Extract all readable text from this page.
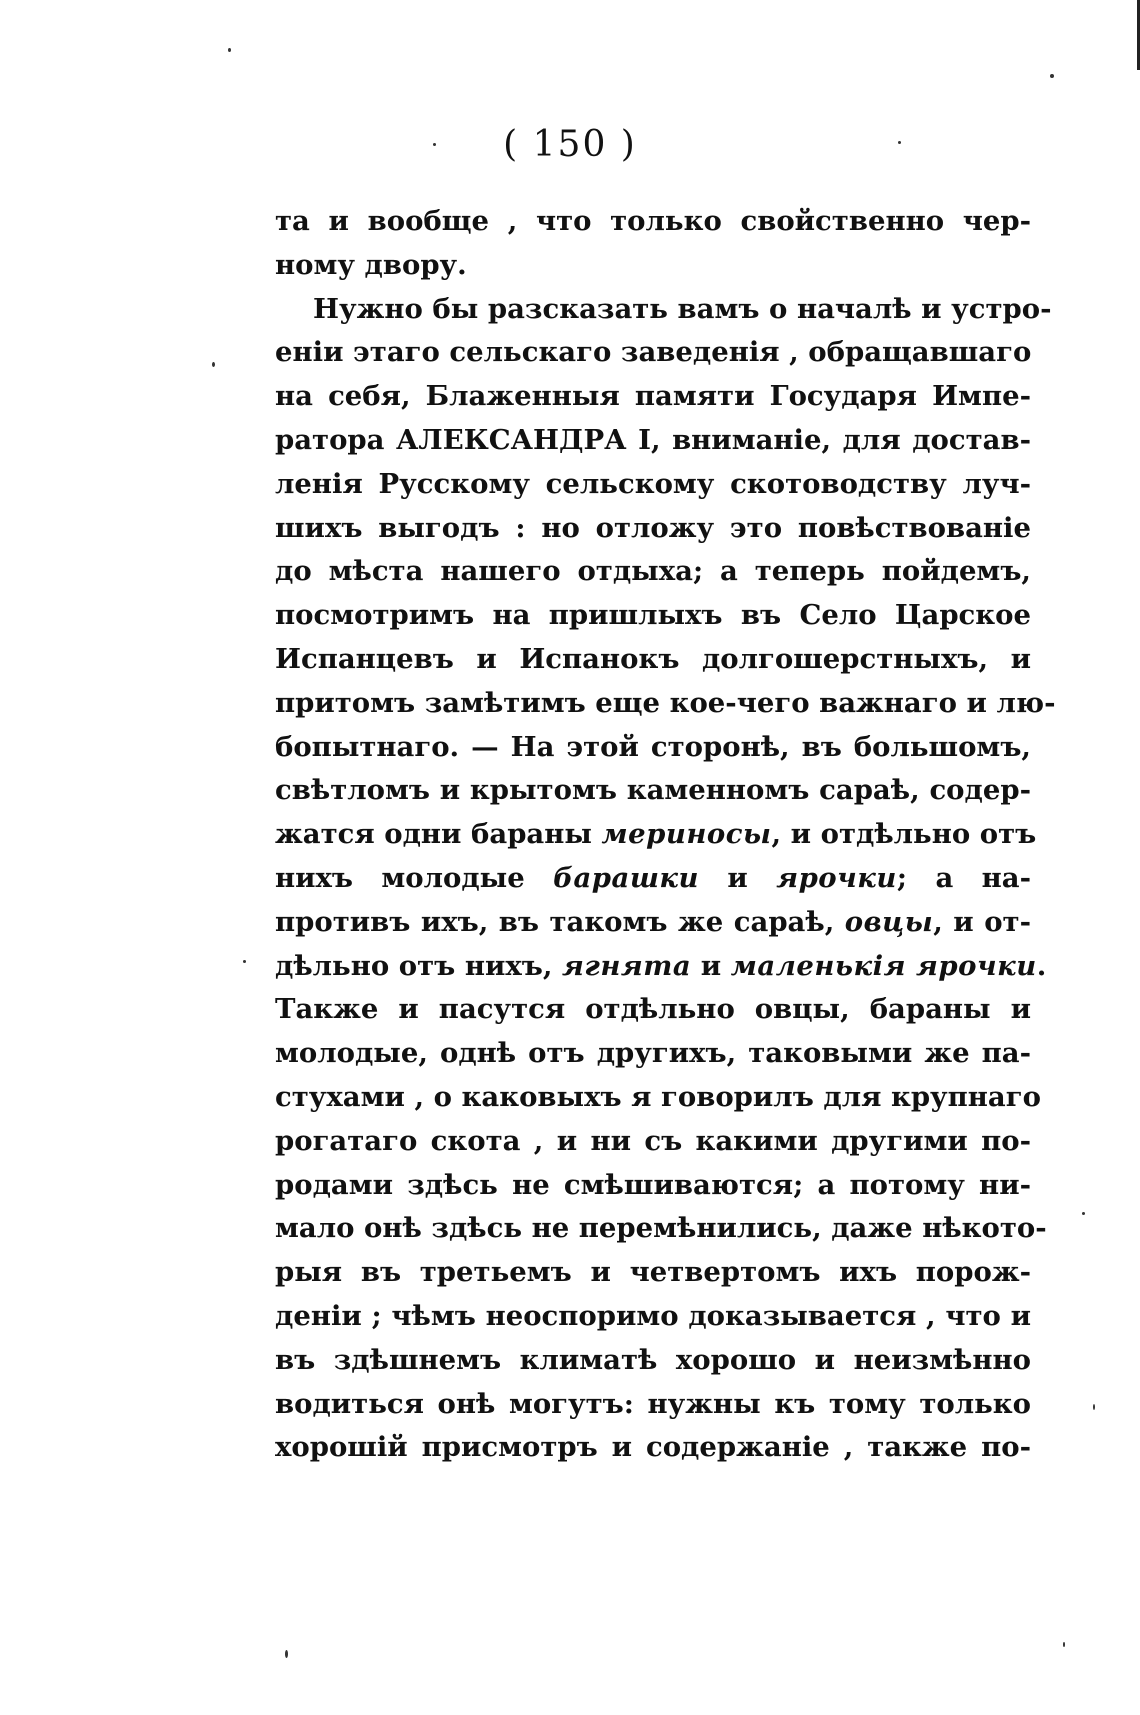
( 150 )
та и вообще , что только свойственно чер-
ному двору.
Нужно бы разсказать вамъ о началѣ и устро-
еніи этаго сельскаго заведенія , обращавшаго
на себя, Блаженныя памяти Государя Импе-
ратора АЛЕКСАНДРА I, вниманіе, для достав-
ленія Русскому сельскому скотоводству луч-
шихъ выгодъ : но отложу это повѣствованіе
до мѣста нашего отдыха; а теперь пойдемъ,
посмотримъ на пришлыхъ въ Село Царское
Испанцевъ и Испанокъ долгошерстныхъ, и
притомъ замѣтимъ еще кое-чего важнаго и лю-
бопытнаго. — На этой сторонѣ, въ большомъ,
свѣтломъ и крытомъ каменномъ сараѣ, содер-
жатся одни бараны мериносы, и отдѣльно отъ
нихъ молодые барашки и ярочки; а на-
противъ ихъ, въ такомъ же сараѣ, овцы, и от-
дѣльно отъ нихъ, ягнята и маленькія ярочки.
Также и пасутся отдѣльно овцы, бараны и
молодые, однѣ отъ другихъ, таковыми же па-
стухами , о каковыхъ я говорилъ для крупнаго
рогатаго скота , и ни съ какими другими по-
родами здѣсь не смѣшиваются; а потому ни-
мало онѣ здѣсь не перемѣнились, даже нѣкото-
рыя въ третьемъ и четвертомъ ихъ порож-
деніи ; чѣмъ неоспоримо доказывается , что и
въ здѣшнемъ климатѣ хорошо и неизмѣнно
водиться онѣ могутъ: нужны къ тому только
хорошій присмотръ и содержаніе , также по-
